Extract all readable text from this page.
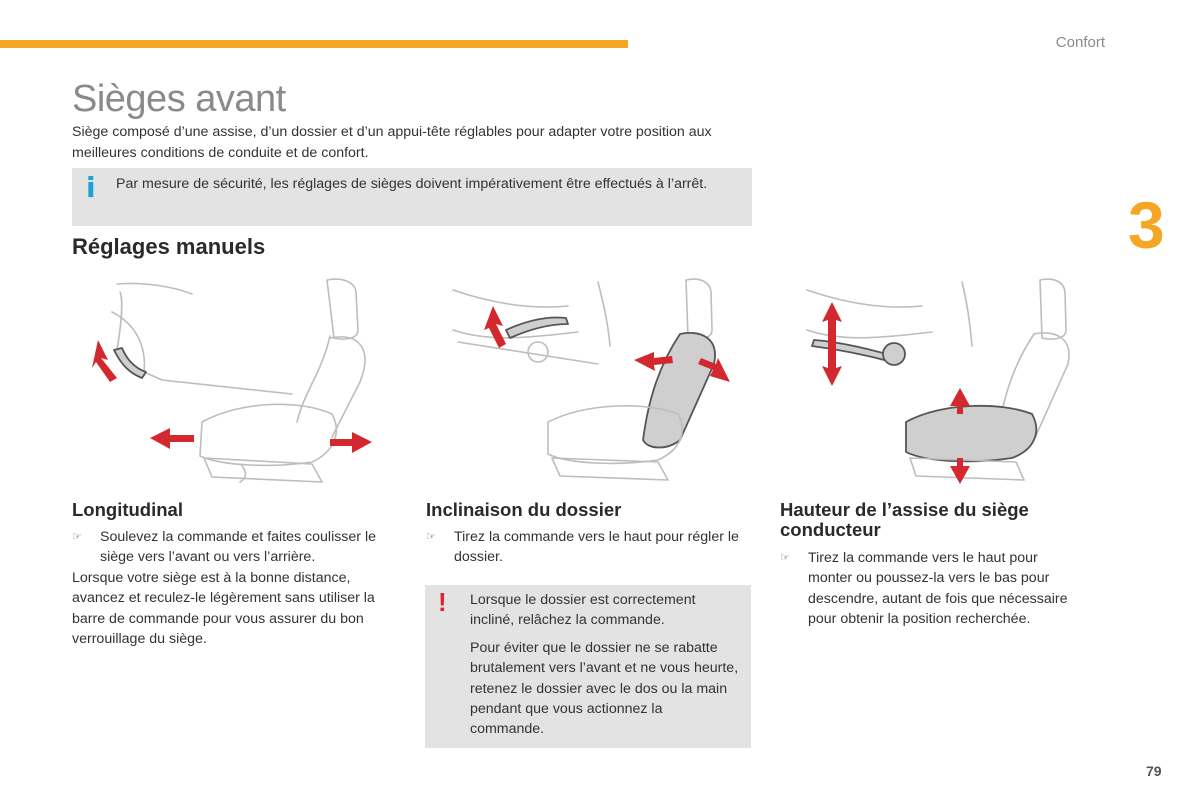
Confort
3
Sièges avant
Siège composé d’une assise, d’un dossier et d’un appui-tête réglables pour adapter votre position aux meilleures conditions de conduite et de confort.
i Par mesure de sécurité, les réglages de sièges doivent impérativement être effectués à l’arrêt.
Réglages manuels
Longitudinal
☞ Soulevez la commande et faites coulisser le siège vers l’avant ou vers l’arrière.
Lorsque votre siège est à la bonne distance, avancez et reculez-le légèrement sans utiliser la barre de commande pour vous assurer du bon verrouillage du siège.
Inclinaison du dossier
☞ Tirez la commande vers le haut pour régler le dossier.
! Lorsque le dossier est correctement incliné, relâchez la commande.

Pour éviter que le dossier ne se rabatte brutalement vers l’avant et ne vous heurte, retenez le dossier avec le dos ou la main pendant que vous actionnez la commande.

Hauteur de l’assise du siège conducteur
☞ Tirez la commande vers le haut pour monter ou poussez-la vers le bas pour descendre, autant de fois que nécessaire pour obtenir la position recherchée.
79
